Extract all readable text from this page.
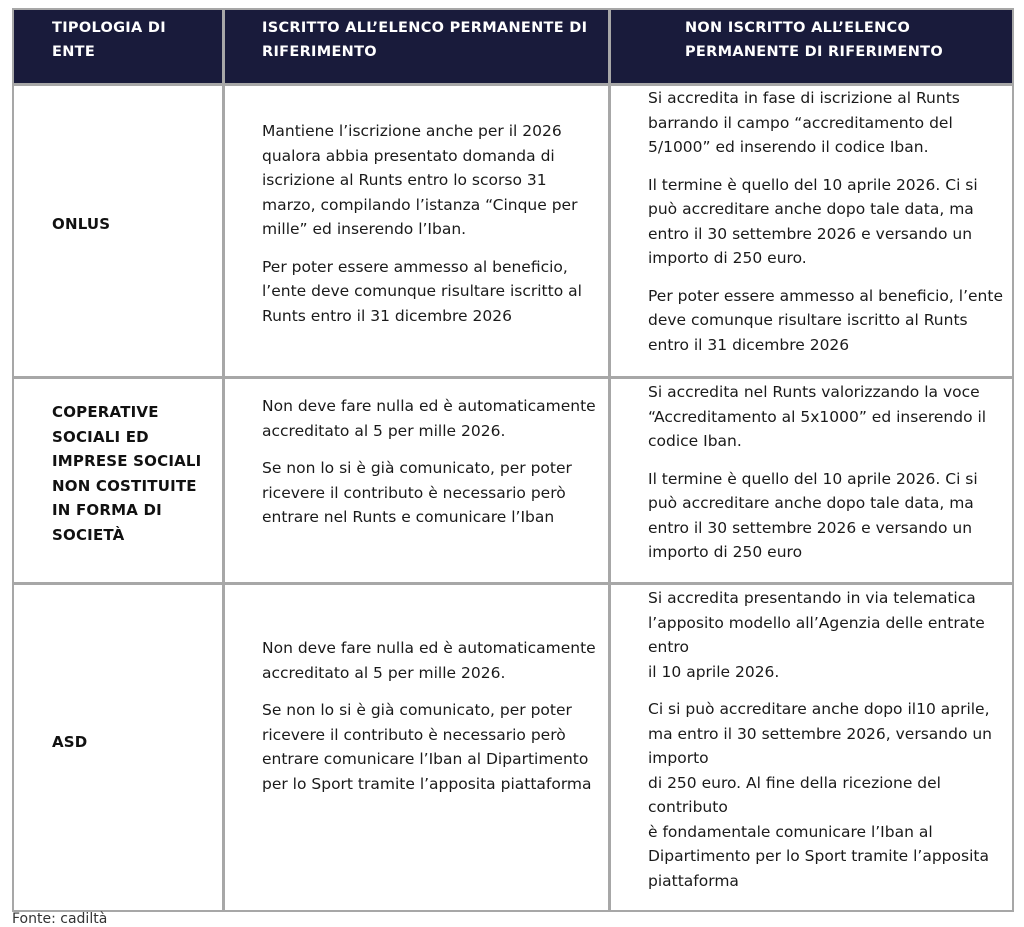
TIPOLOGIA DI ENTE
ISCRITTO ALL’ELENCO PERMANENTE DI RIFERIMENTO
NON ISCRITTO ALL’ELENCO PERMANENTE DI RIFERIMENTO
ONLUS

Mantiene l’iscrizione anche per il 2026 qualora abbia presentato domanda di iscrizione al Runts entro lo scorso 31 marzo, compilando l’istanza “Cinque per mille” ed inserendo l’Iban.

Per poter essere ammesso al beneficio, l’ente deve comunque risultare iscritto al Runts entro il 31 dicembre 2026

Si accredita in fase di iscrizione al Runts barrando il campo “accreditamento del 5/1000” ed inserendo il codice Iban.

Il termine è quello del 10 aprile 2026. Ci si può accreditare anche dopo tale data, ma entro il 30 settembre 2026 e versando un importo di 250 euro.

Per poter essere ammesso al beneficio, l’ente deve comunque risultare iscritto al Runts entro il 31 dicembre 2026

COPERATIVE SOCIALI ED IMPRESE SOCIALI NON COSTITUITE IN FORMA DI SOCIETÀ

Non deve fare nulla ed è automaticamente accreditato al 5 per mille 2026.

Se non lo si è già comunicato, per poter ricevere il contributo è necessario però entrare nel Runts e comunicare l’Iban

Si accredita nel Runts valorizzando la voce “Accreditamento al 5x1000” ed inserendo il codice Iban.

Il termine è quello del 10 aprile 2026. Ci si può accreditare anche dopo tale data, ma entro il 30 settembre 2026 e versando un importo di 250 euro

ASD

Non deve fare nulla ed è automaticamente accreditato al 5 per mille 2026.

Se non lo si è già comunicato, per poter ricevere il contributo è necessario però entrare comunicare l’Iban al Dipartimento per lo Sport tramite l’apposita piattaforma

Si accredita presentando in via telematica l’apposito modello all’Agenzia delle entrate entro
il 10 aprile 2026.

Ci si può accreditare anche dopo il10 aprile, ma entro il 30 settembre 2026, versando un importo
di 250 euro. Al fine della ricezione del contributo
è fondamentale comunicare l’Iban al Dipartimento per lo Sport tramite l’apposita piattaforma

Fonte: cadiltà
